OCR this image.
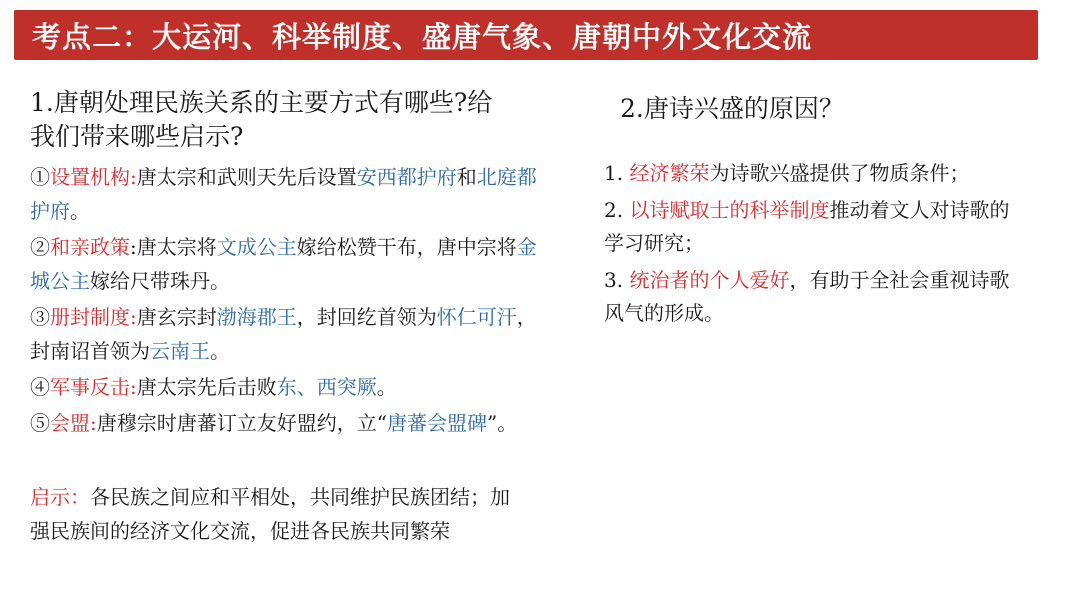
考点二：大运河、科举制度、盛唐气象、唐朝中外文化交流
1.唐朝处理民族关系的主要方式有哪些?给我们带来哪些启示?
2.唐诗兴盛的原因？

①设置机构:唐太宗和武则天先后设置安西都护府和北庭都护府。

②和亲政策:唐太宗将文成公主嫁给松赞干布，唐中宗将金城公主嫁给尺带珠丹。

③册封制度:唐玄宗封渤海郡王，封回纥首领为怀仁可汗，封南诏首领为云南王。

④军事反击:唐太宗先后击败东、西突厥。

⑤会盟:唐穆宗时唐蕃订立友好盟约，立“唐蕃会盟碑”。

启示：各民族之间应和平相处，共同维护民族团结；加强民族间的经济文化交流，促进各民族共同繁荣

1. 经济繁荣为诗歌兴盛提供了物质条件；

2. 以诗赋取士的科举制度推动着文人对诗歌的学习研究；

3. 统治者的个人爱好，有助于全社会重视诗歌风气的形成。
